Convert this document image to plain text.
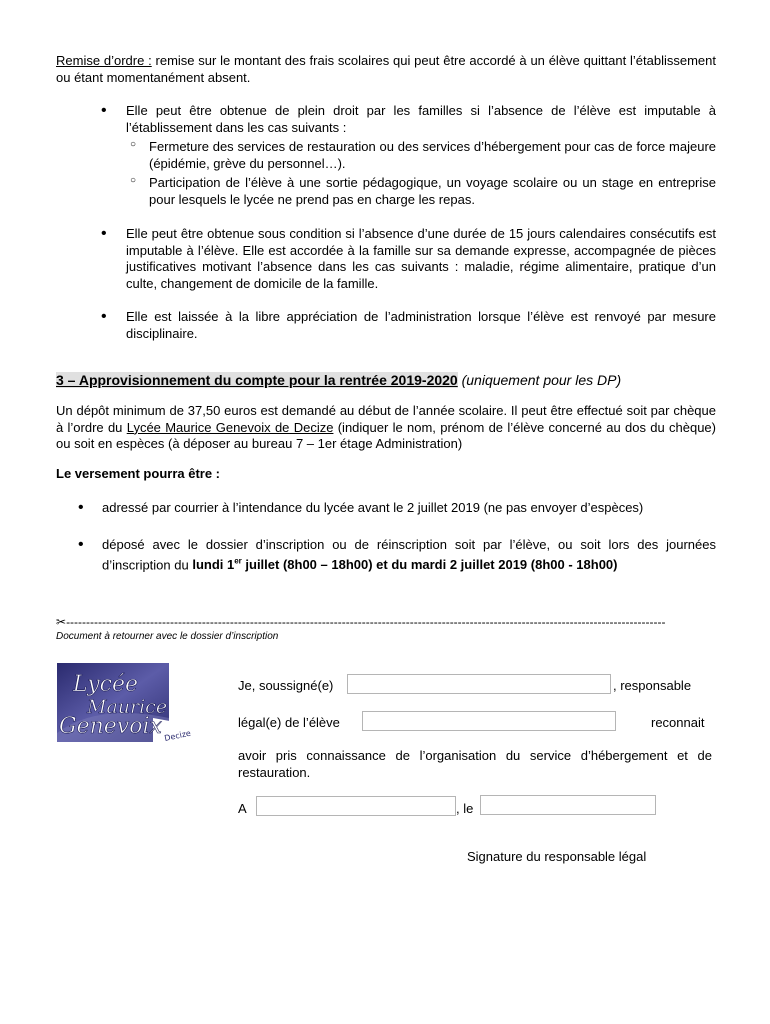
Remise d’ordre : remise sur le montant des frais scolaires qui peut être accordé à un élève quittant l’établissement ou étant momentanément absent.
• Elle peut être obtenue de plein droit par les familles si l’absence de l’élève est imputable à l’établissement dans les cas suivants :
○ Fermeture des services de restauration ou des services d’hébergement pour cas de force majeure (épidémie, grève du personnel…).
○ Participation de l’élève à une sortie pédagogique, un voyage scolaire ou un stage en entreprise pour lesquels le lycée ne prend pas en charge les repas.
• Elle peut être obtenue sous condition si l’absence d’une durée de 15 jours calendaires consécutifs est imputable à l’élève. Elle est accordée à la famille sur sa demande expresse, accompagnée de pièces justificatives motivant l’absence dans les cas suivants : maladie, régime alimentaire, pratique d’un culte, changement de domicile de la famille.
• Elle est laissée à la libre appréciation de l’administration lorsque l’élève est renvoyé par mesure disciplinaire.
3 – Approvisionnement du compte pour la rentrée 2019-2020 (uniquement pour les DP)
Un dépôt minimum de 37,50 euros est demandé au début de l’année scolaire. Il peut être effectué soit par chèque à l’ordre du Lycée Maurice Genevoix de Decize (indiquer le nom, prénom de l’élève concerné au dos du chèque) ou soit en espèces (à déposer au bureau 7 – 1er étage Administration)
Le versement pourra être :
• adressé par courrier à l’intendance du lycée avant le 2 juillet 2019 (ne pas envoyer d’espèces)
• déposé avec le dossier d’inscription ou de réinscription soit par l’élève, ou soit lors des journées d’inscription du lundi 1er juillet (8h00 – 18h00) et du mardi 2 juillet 2019 (8h00 - 18h00)
✂------------------------------------------------------------------------------------------------------------------------------------------------------
Document à retourner avec le dossier d’inscription
Lycée
Maurice
Genevoix Decize
Je, soussigné(e)	, responsable
légal(e) de l’élève	reconnait
avoir pris connaissance de l’organisation du service d’hébergement et de restauration.
A	, le
Signature du responsable légal
